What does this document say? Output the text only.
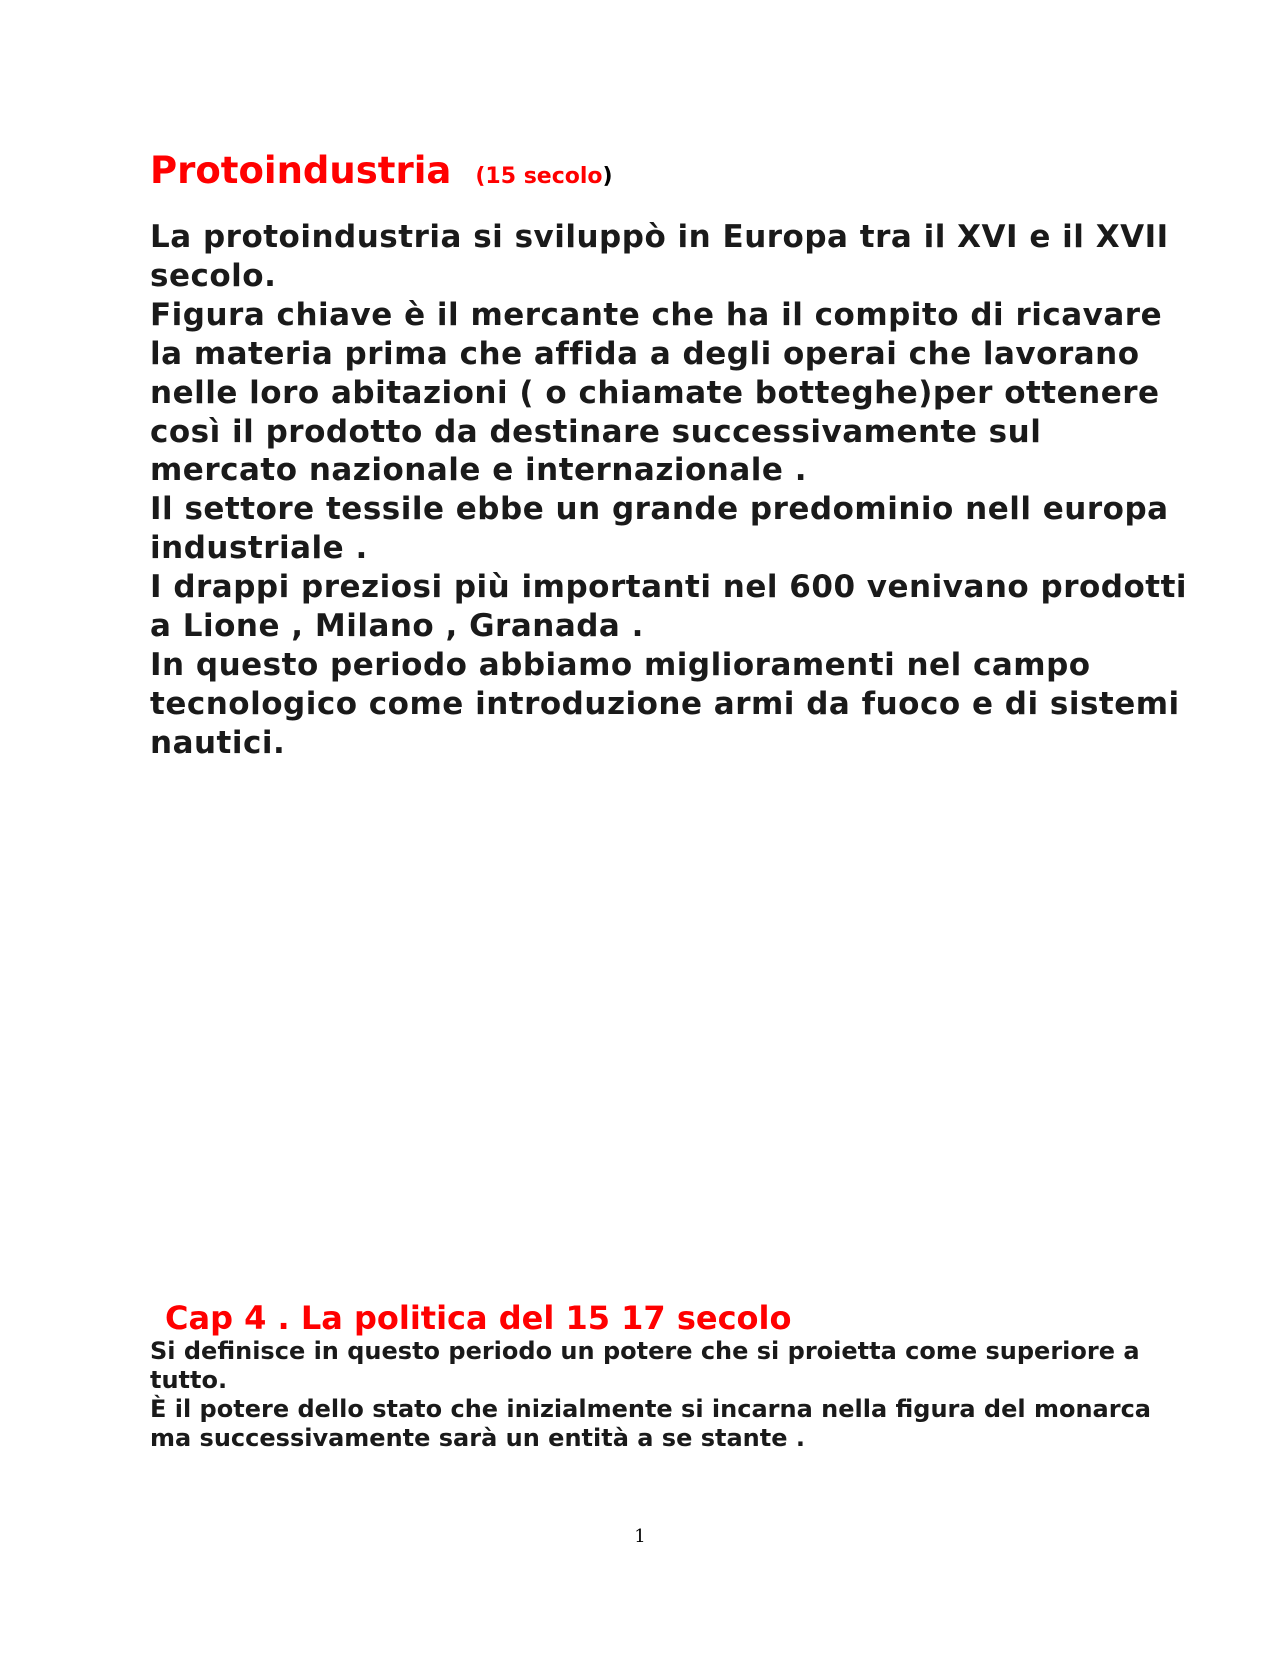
Protoindustria (15 secolo)

La protoindustria si sviluppò in Europa tra il XVI e il XVII secolo.

Figura chiave è il mercante che ha il compito di ricavare la materia prima che affida a degli operai che lavorano nelle loro abitazioni ( o chiamate botteghe)per ottenere così il prodotto da destinare successivamente sul mercato nazionale e internazionale .

Il settore tessile ebbe un grande predominio nell europa industriale .

I drappi preziosi più importanti nel 600 venivano prodotti a Lione , Milano , Granada .

In questo periodo abbiamo miglioramenti nel campo tecnologico come introduzione armi da fuoco e di sistemi nautici.

Cap 4 . La politica del 15 17 secolo

Si definisce in questo periodo un potere che si proietta come superiore a tutto.

È il potere dello stato che inizialmente si incarna nella figura del monarca ma successivamente sarà un entità a se stante .

1
